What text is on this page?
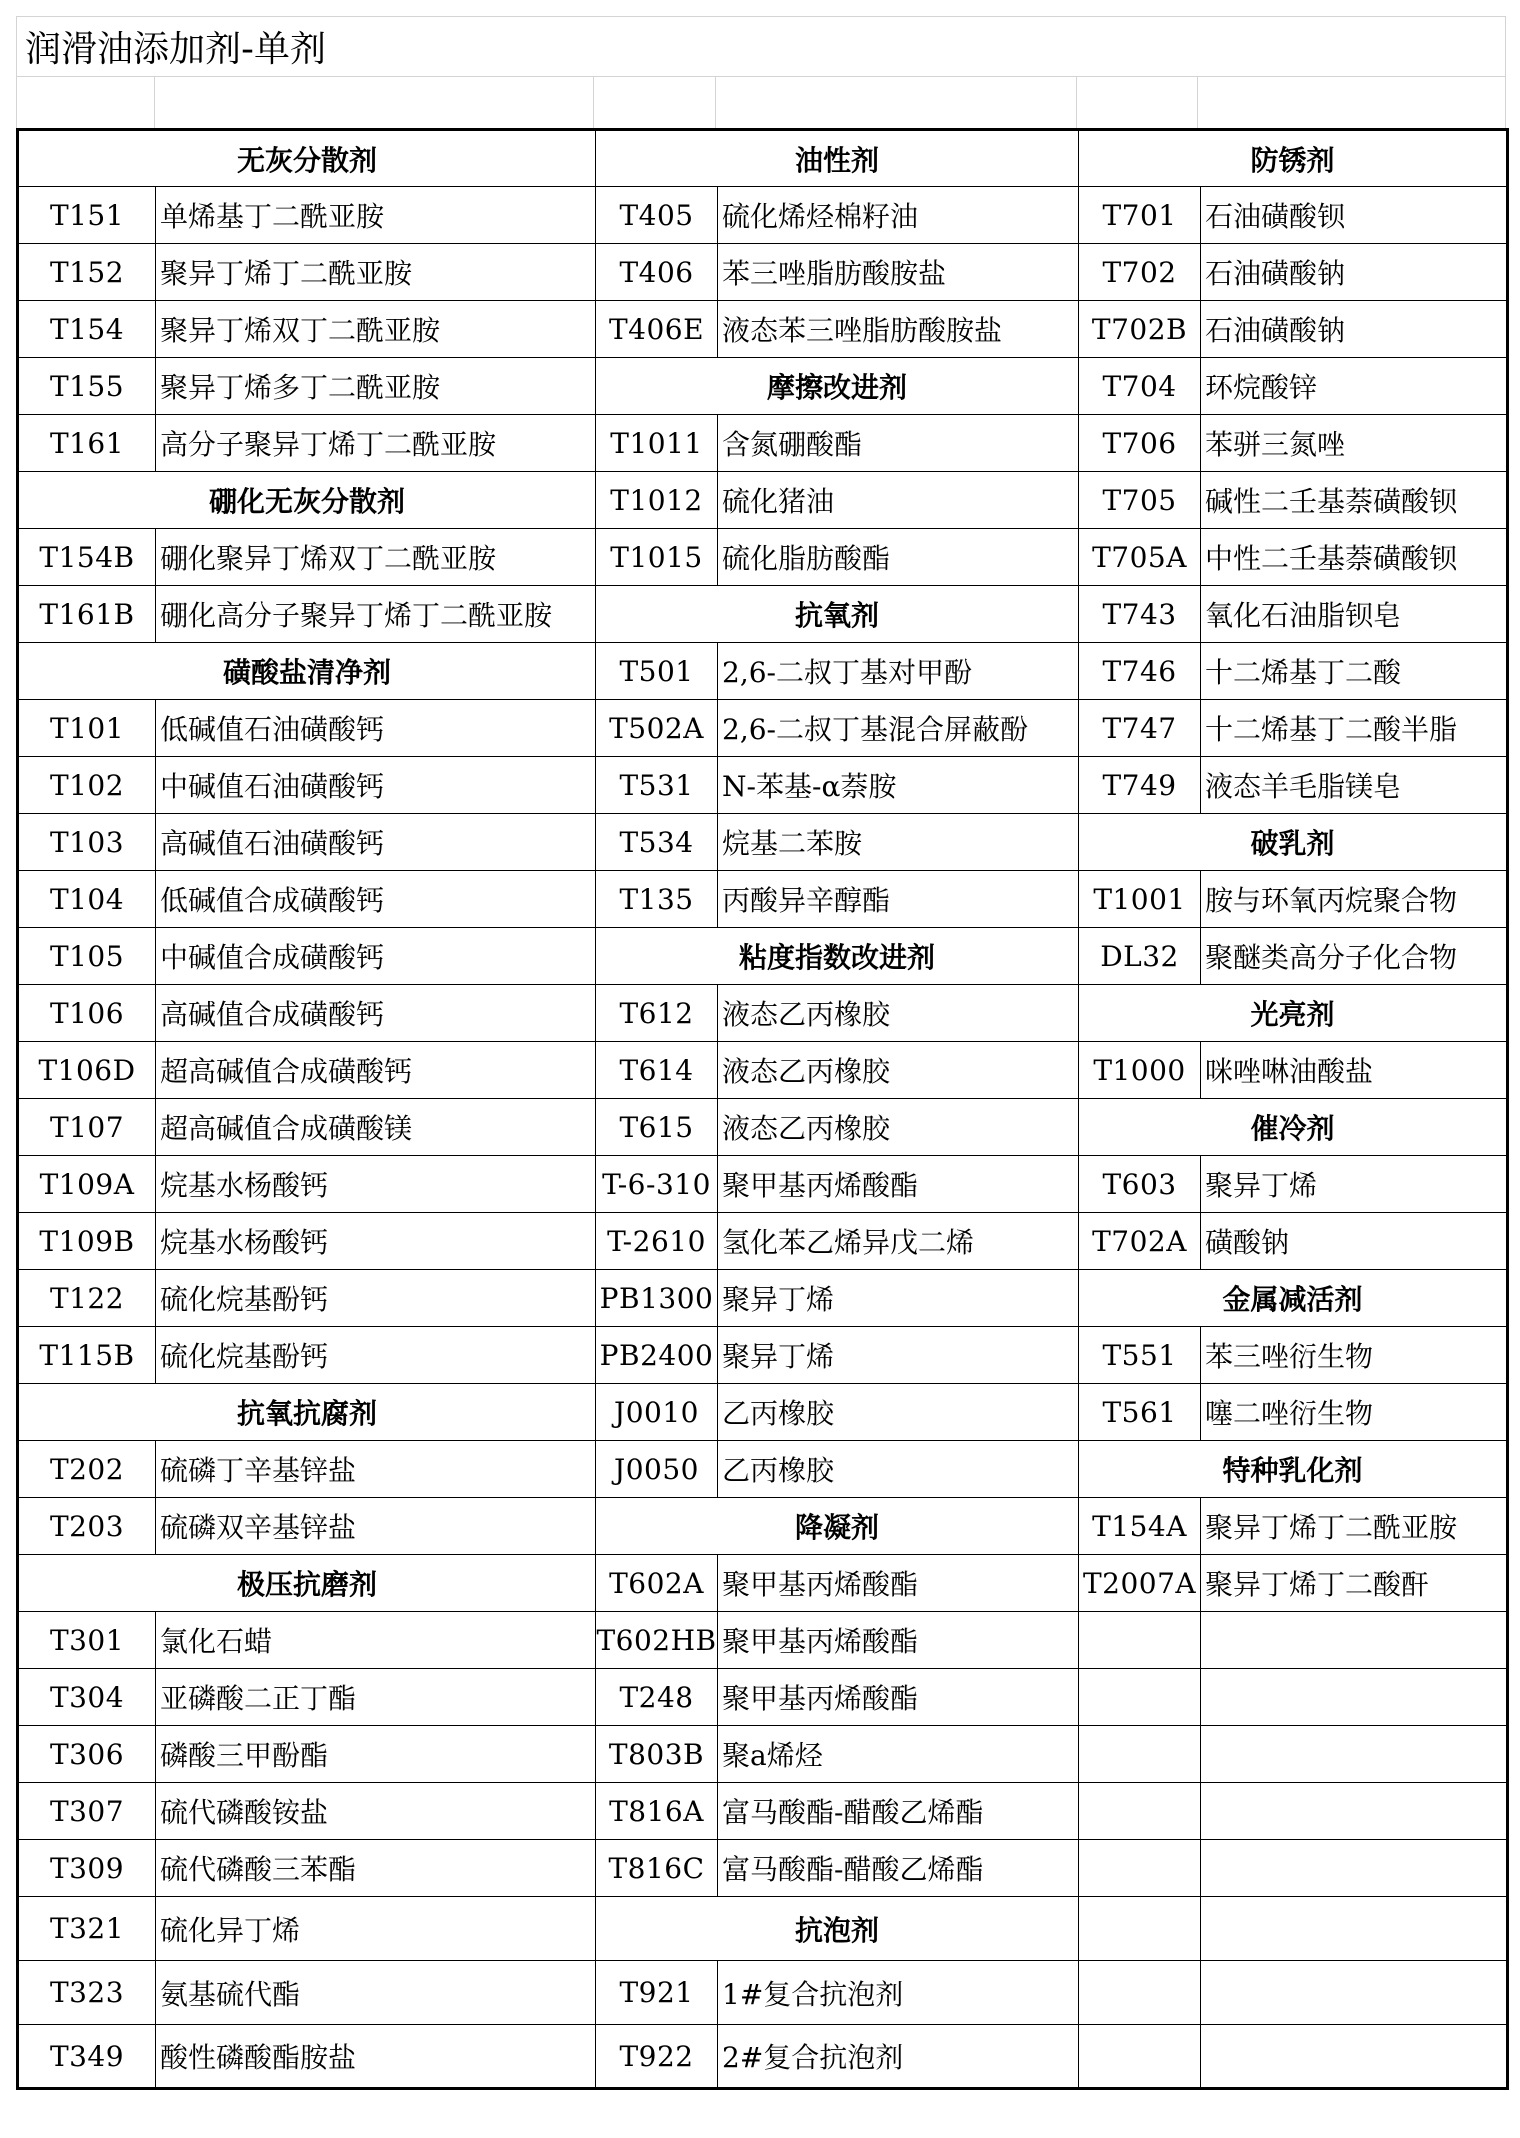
润滑油添加剂-单剂
无灰分散剂		油性剂		防锈剂	
T151	单烯基丁二酰亚胺	T405	硫化烯烃棉籽油	T701	石油磺酸钡
T152	聚异丁烯丁二酰亚胺	T406	苯三唑脂肪酸胺盐	T702	石油磺酸钠
T154	聚异丁烯双丁二酰亚胺	T406E	液态苯三唑脂肪酸胺盐	T702B	石油磺酸钠
T155	聚异丁烯多丁二酰亚胺	摩擦改进剂		T704	环烷酸锌
T161	高分子聚异丁烯丁二酰亚胺	T1011	含氮硼酸酯	T706	苯骈三氮唑
硼化无灰分散剂		T1012	硫化猪油	T705	碱性二壬基萘磺酸钡
T154B	硼化聚异丁烯双丁二酰亚胺	T1015	硫化脂肪酸酯	T705A	中性二壬基萘磺酸钡
T161B	硼化高分子聚异丁烯丁二酰亚胺	抗氧剂		T743	氧化石油脂钡皂
磺酸盐清净剂		T501	2,6-二叔丁基对甲酚	T746	十二烯基丁二酸
T101	低碱值石油磺酸钙	T502A	2,6-二叔丁基混合屏蔽酚	T747	十二烯基丁二酸半脂
T102	中碱值石油磺酸钙	T531	N-苯基-α萘胺	T749	液态羊毛脂镁皂
T103	高碱值石油磺酸钙	T534	烷基二苯胺	破乳剂	
T104	低碱值合成磺酸钙	T135	丙酸异辛醇酯	T1001	胺与环氧丙烷聚合物
T105	中碱值合成磺酸钙	粘度指数改进剂		DL32	聚醚类高分子化合物
T106	高碱值合成磺酸钙	T612	液态乙丙橡胶	光亮剂	
T106D	超高碱值合成磺酸钙	T614	液态乙丙橡胶	T1000	咪唑啉油酸盐
T107	超高碱值合成磺酸镁	T615	液态乙丙橡胶	催冷剂	
T109A	烷基水杨酸钙	T-6-310	聚甲基丙烯酸酯	T603	聚异丁烯
T109B	烷基水杨酸钙	T-2610	氢化苯乙烯异戊二烯	T702A	磺酸钠
T122	硫化烷基酚钙	PB1300	聚异丁烯	金属减活剂	
T115B	硫化烷基酚钙	PB2400	聚异丁烯	T551	苯三唑衍生物
抗氧抗腐剂		J0010	乙丙橡胶	T561	噻二唑衍生物
T202	硫磷丁辛基锌盐	J0050	乙丙橡胶	特种乳化剂	
T203	硫磷双辛基锌盐	降凝剂		T154A	聚异丁烯丁二酰亚胺
极压抗磨剂		T602A	聚甲基丙烯酸酯	T2007A	聚异丁烯丁二酸酐
T301	氯化石蜡	T602HB	聚甲基丙烯酸酯		
T304	亚磷酸二正丁酯	T248	聚甲基丙烯酸酯		
T306	磷酸三甲酚酯	T803B	聚a烯烃		
T307	硫代磷酸铵盐	T816A	富马酸酯-醋酸乙烯酯		
T309	硫代磷酸三苯酯	T816C	富马酸酯-醋酸乙烯酯		
T321	硫化异丁烯	抗泡剂			
T323	氨基硫代酯	T921	1#复合抗泡剂		
T349	酸性磷酸酯胺盐	T922	2#复合抗泡剂		
